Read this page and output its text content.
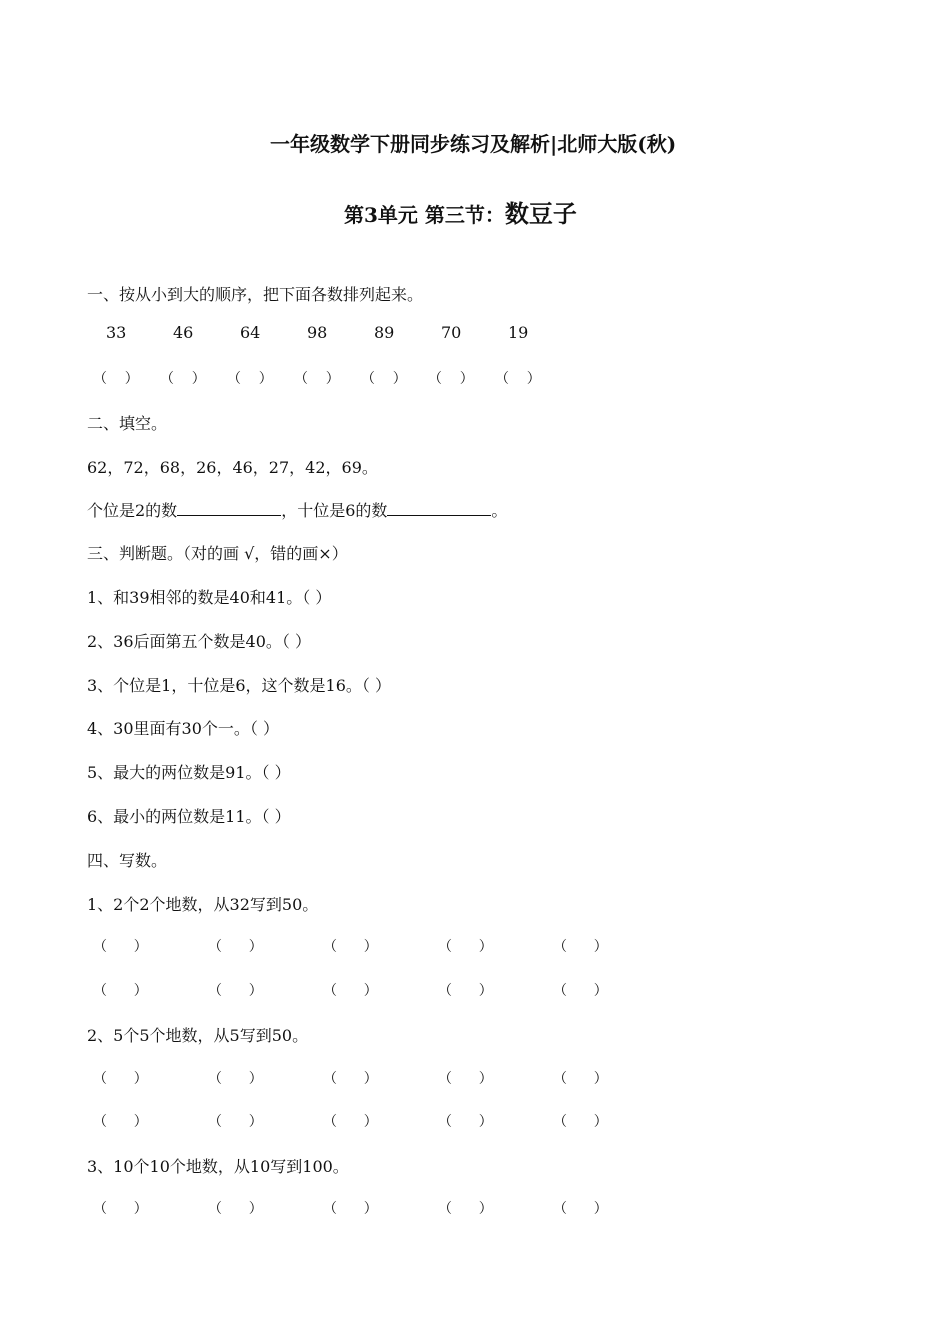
一年级数学下册同步练习及解析|北师大版(秋)
第3单元 第三节：数豆子
一、按从小到大的顺序，把下面各数排列起来。
33	46	64	98	89	70	19
（    ） （    ） （    ） （    ） （    ） （    ） （    ）
二、填空。
62，72，68，26，46，27，42，69。
个位是2的数	，十位是6的数	。
三、判断题。（对的画 √，错的画×）
1、和39相邻的数是40和41。（ ）
2、36后面第五个数是40。（ ）
3、个位是1，十位是6，这个数是16。（ ）
4、30里面有30个一。（ ）
5、最大的两位数是91。（ ）
6、最小的两位数是11。（ ）
四、写数。
1、2个2个地数，从32写到50。
（      ）	（      ）	（      ）	（      ）	（      ）
（      ）	（      ）	（      ）	（      ）	（      ）
2、5个5个地数，从5写到50。
（      ）	（      ）	（      ）	（      ）	（      ）
（      ）	（      ）	（      ）	（      ）	（      ）
3、10个10个地数，从10写到100。
（      ）	（      ）	（      ）	（      ）	（      ）
